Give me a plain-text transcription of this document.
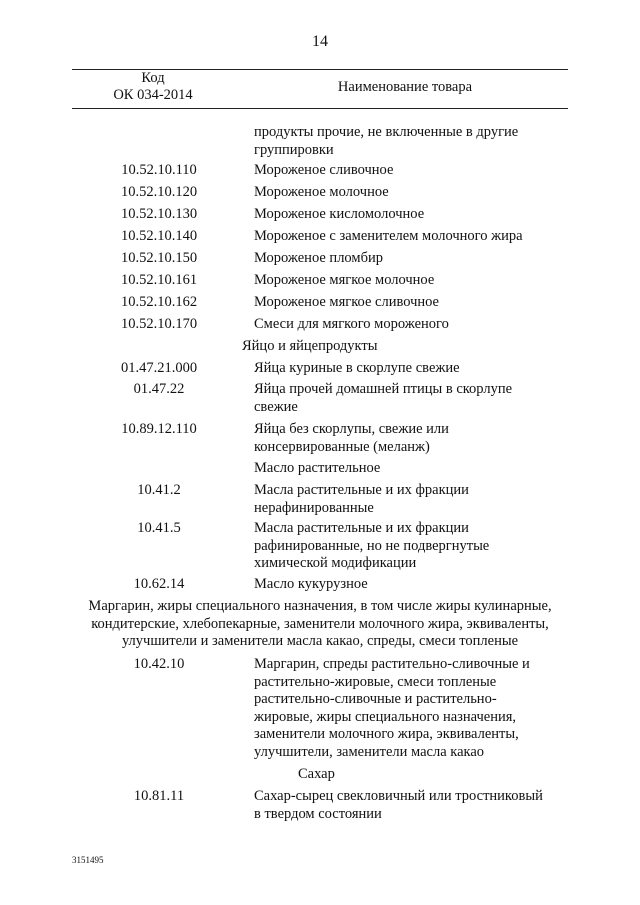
14
Код
ОК 034-2014	Наименование товара
продукты прочие, не включенные в другие
группировки
10.52.10.110	Мороженое сливочное
10.52.10.120	Мороженое молочное
10.52.10.130	Мороженое кисломолочное
10.52.10.140	Мороженое с заменителем молочного жира
10.52.10.150	Мороженое пломбир
10.52.10.161	Мороженое мягкое молочное
10.52.10.162	Мороженое мягкое сливочное
10.52.10.170	Смеси для мягкого мороженого
Яйцо и яйцепродукты
01.47.21.000	Яйца куриные в скорлупе свежие
01.47.22	Яйца прочей домашней птицы в скорлупе
свежие
10.89.12.110	Яйца без скорлупы, свежие или
консервированные (меланж)
Масло растительное
10.41.2	Масла растительные и их фракции
нерафинированные
10.41.5	Масла растительные и их фракции
рафинированные, но не подвергнутые
химической модификации
10.62.14	Масло кукурузное
Маргарин, жиры специального назначения, в том числе жиры кулинарные,
кондитерские, хлебопекарные, заменители молочного жира, эквиваленты,
улучшители и заменители масла какао, спреды, смеси топленые
10.42.10	Маргарин, спреды растительно-сливочные и
растительно-жировые, смеси топленые
растительно-сливочные и растительно-
жировые, жиры специального назначения,
заменители молочного жира, эквиваленты,
улучшители, заменители масла какао
Сахар
10.81.11	Сахар-сырец свекловичный или тростниковый
в твердом состоянии
3151495
